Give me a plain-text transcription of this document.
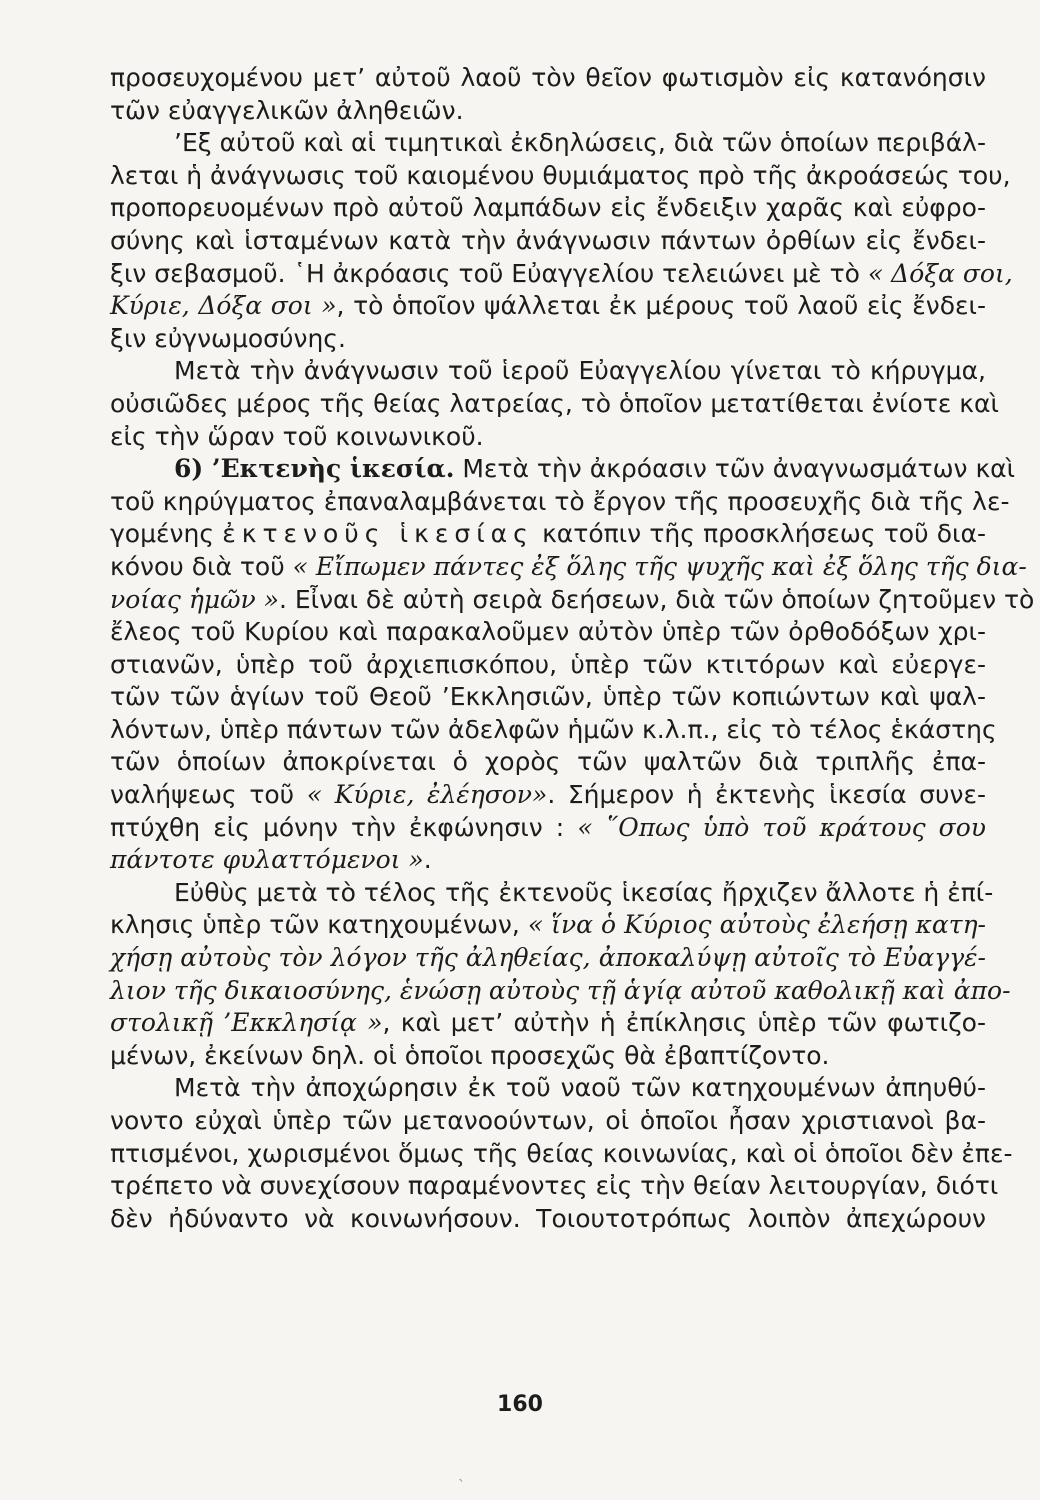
προσευχομένου μετ’ αὐτοῦ λαοῦ τὸν θεῖον φωτισμὸν εἰς κατανόησιν
τῶν εὐαγγελικῶν ἀληθειῶν.
’Εξ αὐτοῦ καὶ αἱ τιμητικαὶ ἐκδηλώσεις, διὰ τῶν ὁποίων περιβάλ-
λεται ἡ ἀνάγνωσις τοῦ καιομένου θυμιάματος πρὸ τῆς ἀκροάσεώς του,
προπορευομένων πρὸ αὐτοῦ λαμπάδων εἰς ἔνδειξιν χαρᾶς καὶ εὐφρο-
σύνης καὶ ἱσταμένων κατὰ τὴν ἀνάγνωσιν πάντων ὀρθίων εἰς ἔνδει-
ξιν σεβασμοῦ. ῾Η ἀκρόασις τοῦ Εὐαγγελίου τελειώνει μὲ τὸ « Δόξα σοι,
Κύριε, Δόξα σοι », τὸ ὁποῖον ψάλλεται ἐκ μέρους τοῦ λαοῦ εἰς ἔνδει-
ξιν εὐγνωμοσύνης.
Μετὰ τὴν ἀνάγνωσιν τοῦ ἱεροῦ Εὐαγγελίου γίνεται τὸ κήρυγμα,
οὐσιῶδες μέρος τῆς θείας λατρείας, τὸ ὁποῖον μετατίθεται ἐνίοτε καὶ
εἰς τὴν ὥραν τοῦ κοινωνικοῦ.
6) ’Εκτενὴς ἱκεσία. Μετὰ τὴν ἀκρόασιν τῶν ἀναγνωσμάτων καὶ
τοῦ κηρύγματος ἐπαναλαμβάνεται τὸ ἔργον τῆς προσευχῆς διὰ τῆς λε-
γομένης ἐκτενοῦς ἱκεσίας κατόπιν τῆς προσκλήσεως τοῦ δια-
κόνου διὰ τοῦ « Εἴπωμεν πάντες ἐξ ὅλης τῆς ψυχῆς καὶ ἐξ ὅλης τῆς δια-
νοίας ἡμῶν ». Εἶναι δὲ αὐτὴ σειρὰ δεήσεων, διὰ τῶν ὁποίων ζητοῦμεν τὸ
ἔλεος τοῦ Κυρίου καὶ παρακαλοῦμεν αὐτὸν ὑπὲρ τῶν ὀρθοδόξων χρι-
στιανῶν, ὑπὲρ τοῦ ἀρχιεπισκόπου, ὑπὲρ τῶν κτιτόρων καὶ εὐεργε-
τῶν τῶν ἁγίων τοῦ Θεοῦ ’Εκκλησιῶν, ὑπὲρ τῶν κοπιώντων καὶ ψαλ-
λόντων, ὑπὲρ πάντων τῶν ἀδελφῶν ἡμῶν κ.λ.π., εἰς τὸ τέλος ἑκάστης
τῶν ὁποίων ἀποκρίνεται ὁ χορὸς τῶν ψαλτῶν διὰ τριπλῆς ἐπα-
ναλήψεως τοῦ « Κύριε, ἐλέησον». Σήμερον ἡ ἐκτενὴς ἱκεσία συνε-
πτύχθη εἰς μόνην τὴν ἐκφώνησιν : « ῞Οπως ὑπὸ τοῦ κράτους σου
πάντοτε φυλαττόμενοι ».
Εὐθὺς μετὰ τὸ τέλος τῆς ἐκτενοῦς ἱκεσίας ἤρχιζεν ἄλλοτε ἡ ἐπί-
κλησις ὑπὲρ τῶν κατηχουμένων, « ἵνα ὁ Κύριος αὐτοὺς ἐλεήσῃ κατη-
χήσῃ αὐτοὺς τὸν λόγον τῆς ἀληθείας, ἀποκαλύψῃ αὐτοῖς τὸ Εὐαγγέ-
λιον τῆς δικαιοσύνης, ἑνώσῃ αὐτοὺς τῇ ἁγίᾳ αὐτοῦ καθολικῇ καὶ ἀπο-
στολικῇ ’Εκκλησίᾳ », καὶ μετ’ αὐτὴν ἡ ἐπίκλησις ὑπὲρ τῶν φωτιζο-
μένων, ἐκείνων δηλ. οἱ ὁποῖοι προσεχῶς θὰ ἐβαπτίζοντο.
Μετὰ τὴν ἀποχώρησιν ἐκ τοῦ ναοῦ τῶν κατηχουμένων ἀπηυθύ-
νοντο εὐχαὶ ὑπὲρ τῶν μετανοούντων, οἱ ὁποῖοι ἦσαν χριστιανοὶ βα-
πτισμένοι, χωρισμένοι ὅμως τῆς θείας κοινωνίας, καὶ οἱ ὁποῖοι δὲν ἐπε-
τρέπετο νὰ συνεχίσουν παραμένοντες εἰς τὴν θείαν λειτουργίαν, διότι
δὲν ἠδύναντο νὰ κοινωνήσουν. Τοιουτοτρόπως λοιπὸν ἀπεχώρουν
160
ˎ
